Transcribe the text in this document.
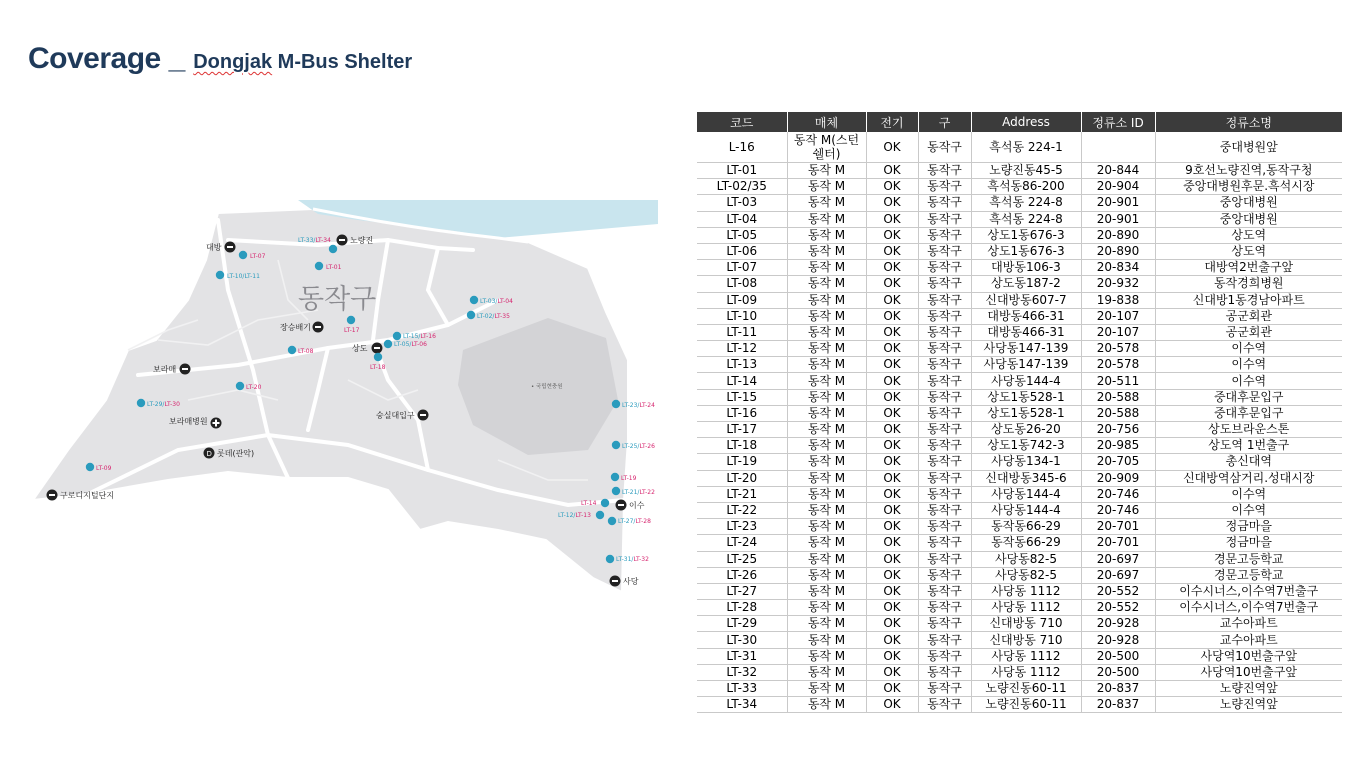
Coverage _ Dongjak M-Bus Shelter
동작구
• 국립현충원
노량진
대방
장승배기
보라매
상도
숭실대입구
이수
사당
구로디지털단지
D 롯데(관악)
보라매병원
LT-33/LT-34
LT-07
LT-10/LT-11
LT-01
LT-03/LT-04
LT-02/LT-35
LT-17
LT-15/LT-16
LT-05/LT-06
LT-08
LT-18
LT-20
LT-29/LT-30	LT-23/LT-24
LT-25/LT-26
LT-09
LT-19
LT-21/LT-22
LT-14
LT-12/LT-13
LT-27/LT-28
LT-31/LT-32
코드	매체	전기	구	Address	정류소 ID	정류소명
L-16	동작 M(스턴 쉘터)	OK	동작구	흑석동 224-1		중대병원앞
LT-01	동작 M	OK	동작구	노량진동45-5	20-844	9호선노량진역,동작구청
LT-02/35	동작 M	OK	동작구	흑석동86-200	20-904	중앙대병원후문.흑석시장
LT-03	동작 M	OK	동작구	흑석동 224-8	20-901	중앙대병원
LT-04	동작 M	OK	동작구	흑석동 224-8	20-901	중앙대병원
LT-05	동작 M	OK	동작구	상도1동676-3	20-890	상도역
LT-06	동작 M	OK	동작구	상도1동676-3	20-890	상도역
LT-07	동작 M	OK	동작구	대방동106-3	20-834	대방역2번출구앞
LT-08	동작 M	OK	동작구	상도동187-2	20-932	동작경희병원
LT-09	동작 M	OK	동작구	신대방동607-7	19-838	신대방1동경남아파트
LT-10	동작 M	OK	동작구	대방동466-31	20-107	공군회관
LT-11	동작 M	OK	동작구	대방동466-31	20-107	공군회관
LT-12	동작 M	OK	동작구	사당동147-139	20-578	이수역
LT-13	동작 M	OK	동작구	사당동147-139	20-578	이수역
LT-14	동작 M	OK	동작구	사당동144-4	20-511	이수역
LT-15	동작 M	OK	동작구	상도1동528-1	20-588	중대후문입구
LT-16	동작 M	OK	동작구	상도1동528-1	20-588	중대후문입구
LT-17	동작 M	OK	동작구	상도동26-20	20-756	상도브라운스톤
LT-18	동작 M	OK	동작구	상도1동742-3	20-985	상도역 1번출구
LT-19	동작 M	OK	동작구	사당동134-1	20-705	총신대역
LT-20	동작 M	OK	동작구	신대방동345-6	20-909	신대방역삼거리.성대시장
LT-21	동작 M	OK	동작구	사당동144-4	20-746	이수역
LT-22	동작 M	OK	동작구	사당동144-4	20-746	이수역
LT-23	동작 M	OK	동작구	동작동66-29	20-701	정금마을
LT-24	동작 M	OK	동작구	동작동66-29	20-701	정금마을
LT-25	동작 M	OK	동작구	사당동82-5	20-697	경문고등학교
LT-26	동작 M	OK	동작구	사당동82-5	20-697	경문고등학교
LT-27	동작 M	OK	동작구	사당동 1112	20-552	이수시너스,이수역7번출구
LT-28	동작 M	OK	동작구	사당동 1112	20-552	이수시너스,이수역7번출구
LT-29	동작 M	OK	동작구	신대방동 710	20-928	교수아파트
LT-30	동작 M	OK	동작구	신대방동 710	20-928	교수아파트
LT-31	동작 M	OK	동작구	사당동 1112	20-500	사당역10번출구앞
LT-32	동작 M	OK	동작구	사당동 1112	20-500	사당역10번출구앞
LT-33	동작 M	OK	동작구	노량진동60-11	20-837	노량진역앞
LT-34	동작 M	OK	동작구	노량진동60-11	20-837	노량진역앞
